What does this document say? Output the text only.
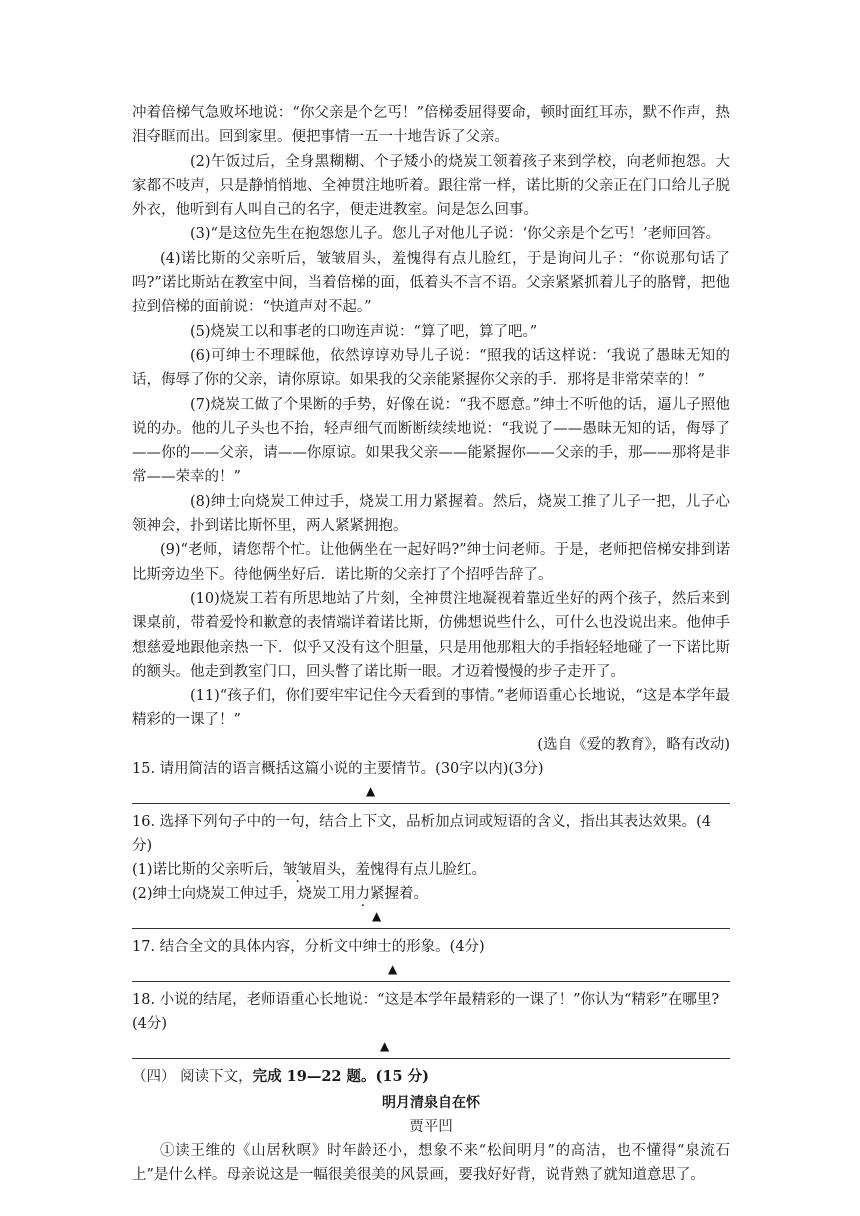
冲着倍梯气急败坏地说：“你父亲是个乞丐！”倍梯委屈得要命，顿时面红耳赤，默不作声，热泪夺眶而出。回到家里。便把事情一五一十地告诉了父亲。

(2)午饭过后，全身黑糊糊、个子矮小的烧炭工领着孩子来到学校，向老师抱怨。大家都不吱声，只是静悄悄地、全神贯注地听着。跟往常一样，诺比斯的父亲正在门口给儿子脱外衣，他听到有人叫自己的名字，便走进教室。问是怎么回事。

(3)“是这位先生在抱怨您儿子。您儿子对他儿子说：‘你父亲是个乞丐！’老师回答。

(4)诺比斯的父亲听后，皱皱眉头，羞愧得有点儿脸红，于是询问儿子：“你说那句话了吗?”诺比斯站在教室中间，当着倍梯的面，低着头不言不语。父亲紧紧抓着儿子的胳臂，把他拉到倍梯的面前说：“快道声对不起。”

(5)烧炭工以和事老的口吻连声说：“算了吧，算了吧。”

(6)可绅士不理睬他，依然谆谆劝导儿子说：“照我的话这样说：‘我说了愚昧无知的话，侮辱了你的父亲，请你原谅。如果我的父亲能紧握你父亲的手．那将是非常荣幸的！”

(7)烧炭工做了个果断的手势，好像在说：“我不愿意。”绅士不听他的话，逼儿子照他说的办。他的儿子头也不抬，轻声细气而断断续续地说：“我说了——愚昧无知的话，侮辱了——你的——父亲，请——你原谅。如果我父亲——能紧握你——父亲的手，那——那将是非常——荣幸的！”

(8)绅士向烧炭工伸过手，烧炭工用力紧握着。然后，烧炭工推了儿子一把，儿子心领神会，扑到诺比斯怀里，两人紧紧拥抱。

(9)“老师，请您帮个忙。让他俩坐在一起好吗?”绅士问老师。于是，老师把倍梯安排到诺比斯旁边坐下。待他俩坐好后．诺比斯的父亲打了个招呼告辞了。

(10)烧炭工若有所思地站了片刻，全神贯注地凝视着靠近坐好的两个孩子，然后来到课桌前，带着爱怜和歉意的表情端详着诺比斯，仿佛想说些什么，可什么也没说出来。他伸手想慈爱地跟他亲热一下．似乎又没有这个胆量，只是用他那粗大的手指轻轻地碰了一下诺比斯的额头。他走到教室门口，回头瞥了诺比斯一眼。才迈着慢慢的步子走开了。

(11)“孩子们，你们要牢牢记住今天看到的事情。”老师语重心长地说，“这是本学年最精彩的一课了！”

(选自《爱的教育》，略有改动)

15. 请用简洁的语言概括这篇小说的主要情节。(30字以内)(3分)

▲

16. 选择下列句子中的一句，结合上下文，品析加点词或短语的含义，指出其表达效果。(4分)

(1)诺比斯的父亲听后，皱皱眉头，羞愧得有点儿脸红。

(2)绅士向烧炭工伸过手，烧炭工用力紧握着。

▲

17. 结合全文的具体内容，分析文中绅士的形象。(4分)

▲

18. 小说的结尾，老师语重心长地说：“这是本学年最精彩的一课了！”你认为“精彩”在哪里?(4分)

▲

（四） 阅读下文，完成 19—22 题。(15 分)

明月清泉自在怀

贾平凹

①读王维的《山居秋暝》时年龄还小，想象不来“松间明月”的高洁，也不懂得“泉流石上”是什么样。母亲说这是一幅很美很美的风景画，要我好好背，说背熟了就知道意思了。
